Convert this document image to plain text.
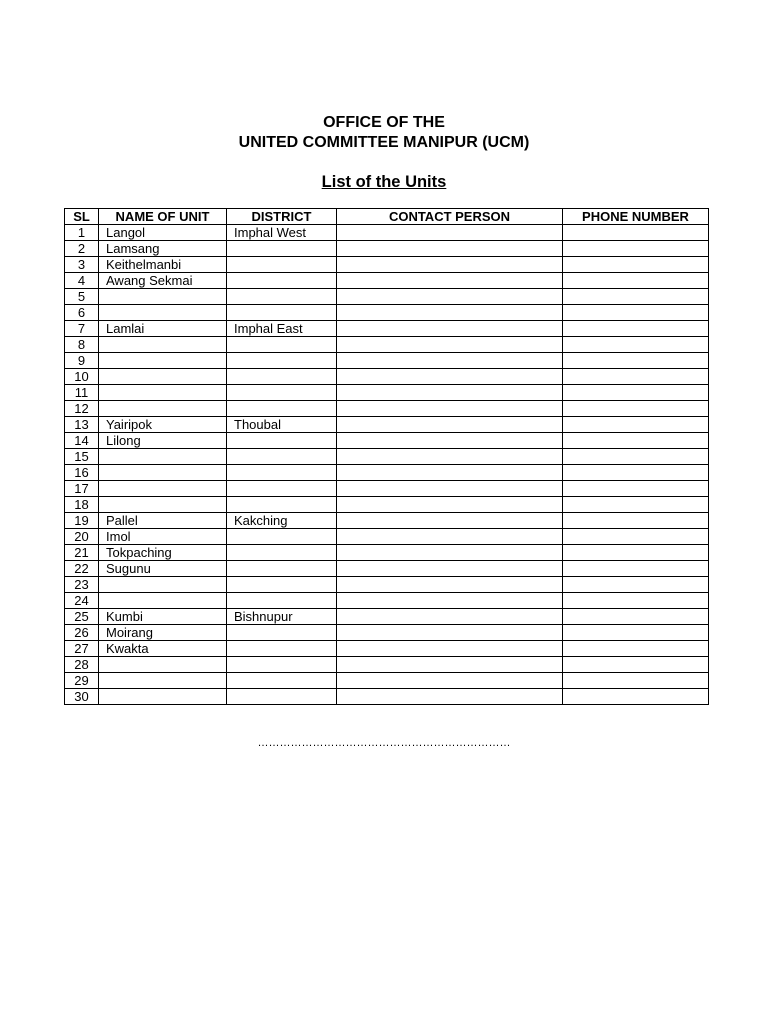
OFFICE OF THE
UNITED COMMITTEE MANIPUR (UCM)
List of the Units
SL	NAME OF UNIT	DISTRICT	CONTACT PERSON	PHONE NUMBER
1	Langol	Imphal West		
2	Lamsang			
3	Keithelmanbi			
4	Awang Sekmai			
5				
6				
7	Lamlai	Imphal East		
8				
9				
10				
11				
12				
13	Yairipok	Thoubal		
14	Lilong			
15				
16				
17				
18				
19	Pallel	Kakching		
20	Imol			
21	Tokpaching			
22	Sugunu			
23				
24				
25	Kumbi	Bishnupur		
26	Moirang			
27	Kwakta			
28				
29				
30				
……………………………………………………………
